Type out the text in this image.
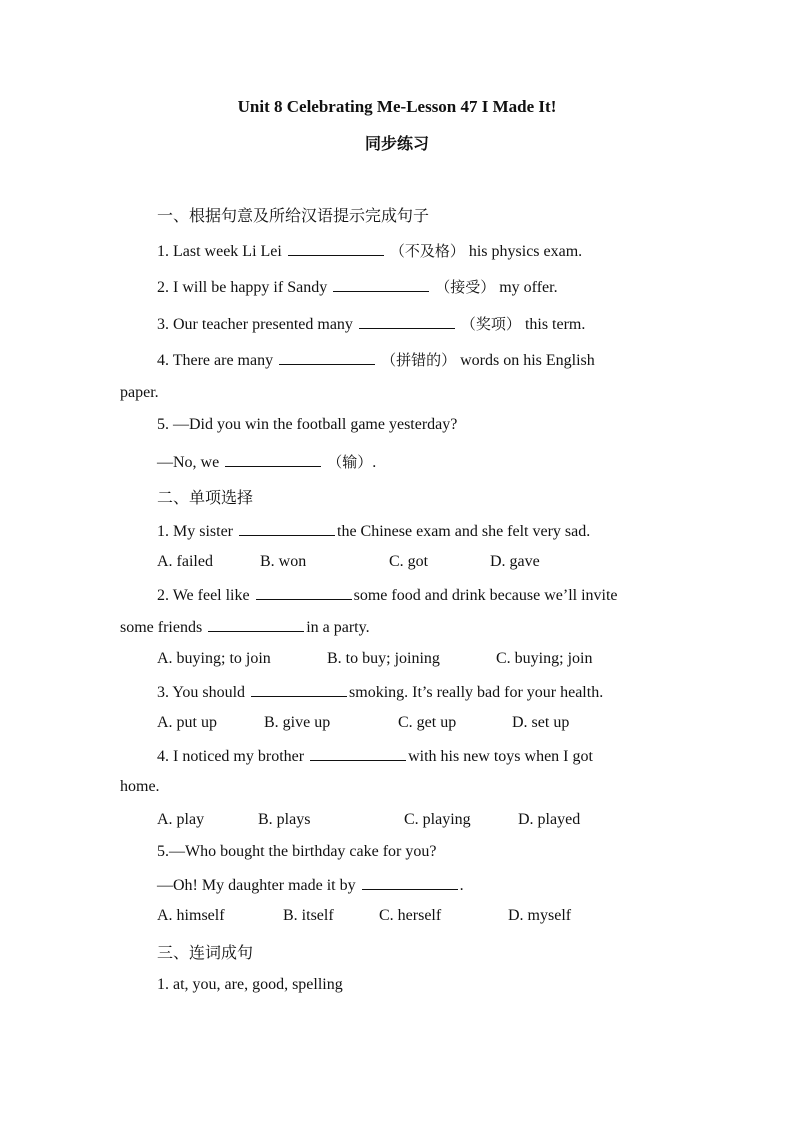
Unit 8 Celebrating Me-Lesson 47 I Made It!
同步练习
一、根据句意及所给汉语提示完成句子
1. Last week Li Lei	（不及格） his physics exam.
2. I will be happy if Sandy	（接受） my offer.
3. Our teacher presented many	（奖项） this term.
4. There are many	（拼错的） words on his English
paper.
5. —Did you win the football game yesterday?
—No, we	（输）.
二、单项选择
1. My sister	the Chinese exam and she felt very sad.
A. failed	B. won	C. got	D. gave
2. We feel like	some food and drink because we’ll invite
some friends	in a party.
A. buying; to join	B. to buy; joining	C. buying; join
3. You should	smoking. It’s really bad for your health.
A. put up	B. give up	C. get up	D. set up
4. I noticed my brother	with his new toys when I got
home.
A. play	B. plays	C. playing	D. played
5.—Who bought the birthday cake for you?
—Oh! My daughter made it by	.
A. himself	B. itself	C. herself	D. myself
三、连词成句
1. at, you, are, good, spelling
